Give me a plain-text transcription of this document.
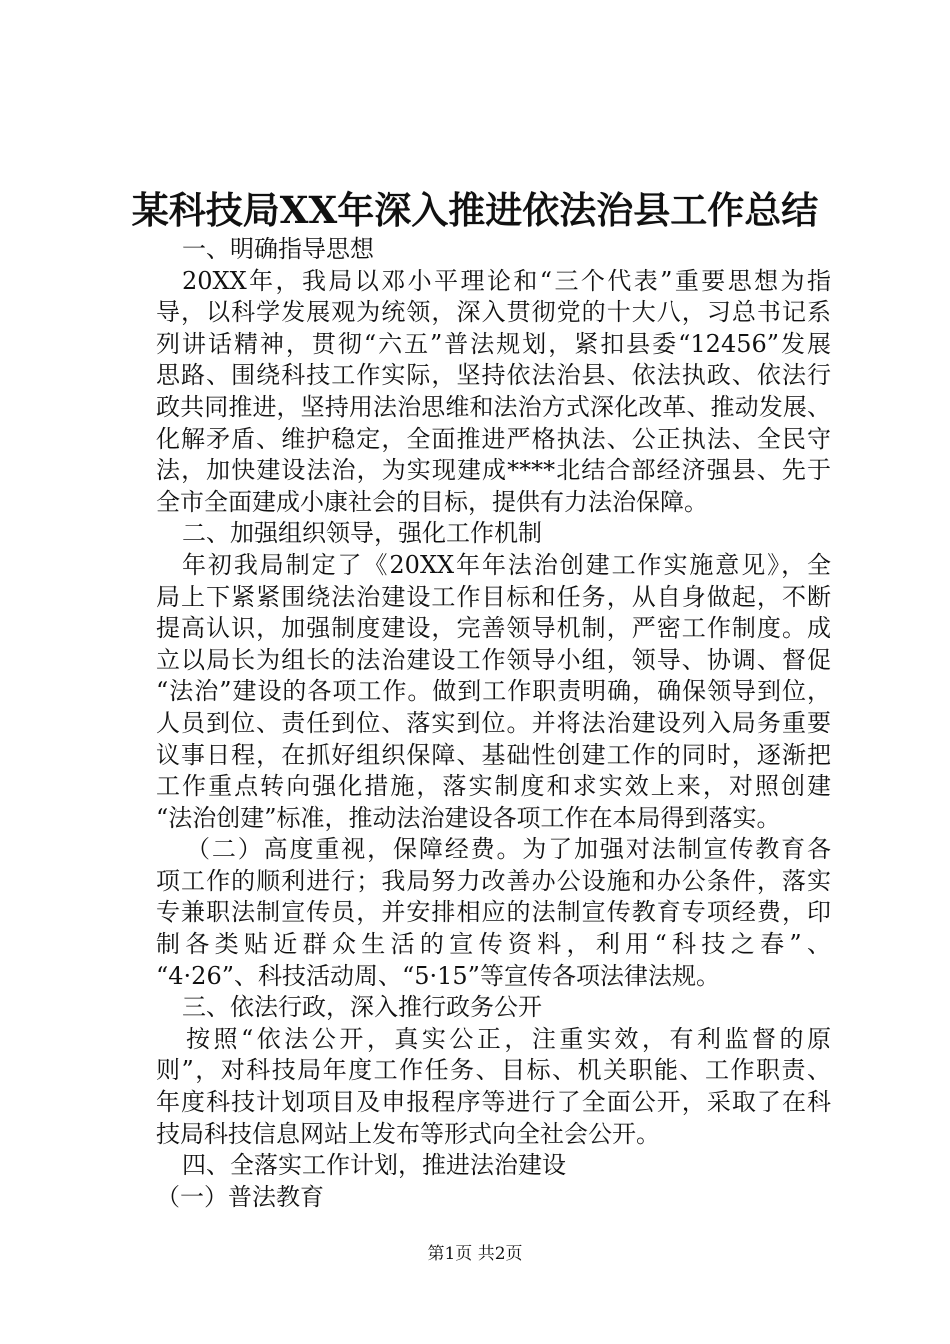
某科技局XX年深入推进依法治县工作总结
一、明确指导思想
20XX年，我局以邓小平理论和“三个代表”重要思想为指
导，以科学发展观为统领，深入贯彻党的十大八，习总书记系
列讲话精神，贯彻“六五”普法规划，紧扣县委“12456”发展
思路、围绕科技工作实际，坚持依法治县、依法执政、依法行
政共同推进，坚持用法治思维和法治方式深化改革、推动发展、
化解矛盾、维护稳定，全面推进严格执法、公正执法、全民守
法，加快建设法治，为实现建成****北结合部经济强县、先于
全市全面建成小康社会的目标，提供有力法治保障。
二、加强组织领导，强化工作机制
年初我局制定了《20XX年年法治创建工作实施意见》，全
局上下紧紧围绕法治建设工作目标和任务，从自身做起，不断
提高认识，加强制度建设，完善领导机制，严密工作制度。成
立以局长为组长的法治建设工作领导小组，领导、协调、督促
“法治”建设的各项工作。做到工作职责明确，确保领导到位，
人员到位、责任到位、落实到位。并将法治建设列入局务重要
议事日程，在抓好组织保障、基础性创建工作的同时，逐渐把
工作重点转向强化措施，落实制度和求实效上来，对照创建
“法治创建”标准，推动法治建设各项工作在本局得到落实。
（二）高度重视，保障经费。为了加强对法制宣传教育各
项工作的顺利进行；我局努力改善办公设施和办公条件，落实
专兼职法制宣传员，并安排相应的法制宣传教育专项经费，印
制各类贴近群众生活的宣传资料，利用“科技之春”、
“4·26”、科技活动周、“5·15”等宣传各项法律法规。
三、依法行政，深入推行政务公开
按照“依法公开，真实公正，注重实效，有利监督的原
则”，对科技局年度工作任务、目标、机关职能、工作职责、
年度科技计划项目及申报程序等进行了全面公开，采取了在科
技局科技信息网站上发布等形式向全社会公开。
四、全落实工作计划，推进法治建设
（一）普法教育
第1页 共2页
